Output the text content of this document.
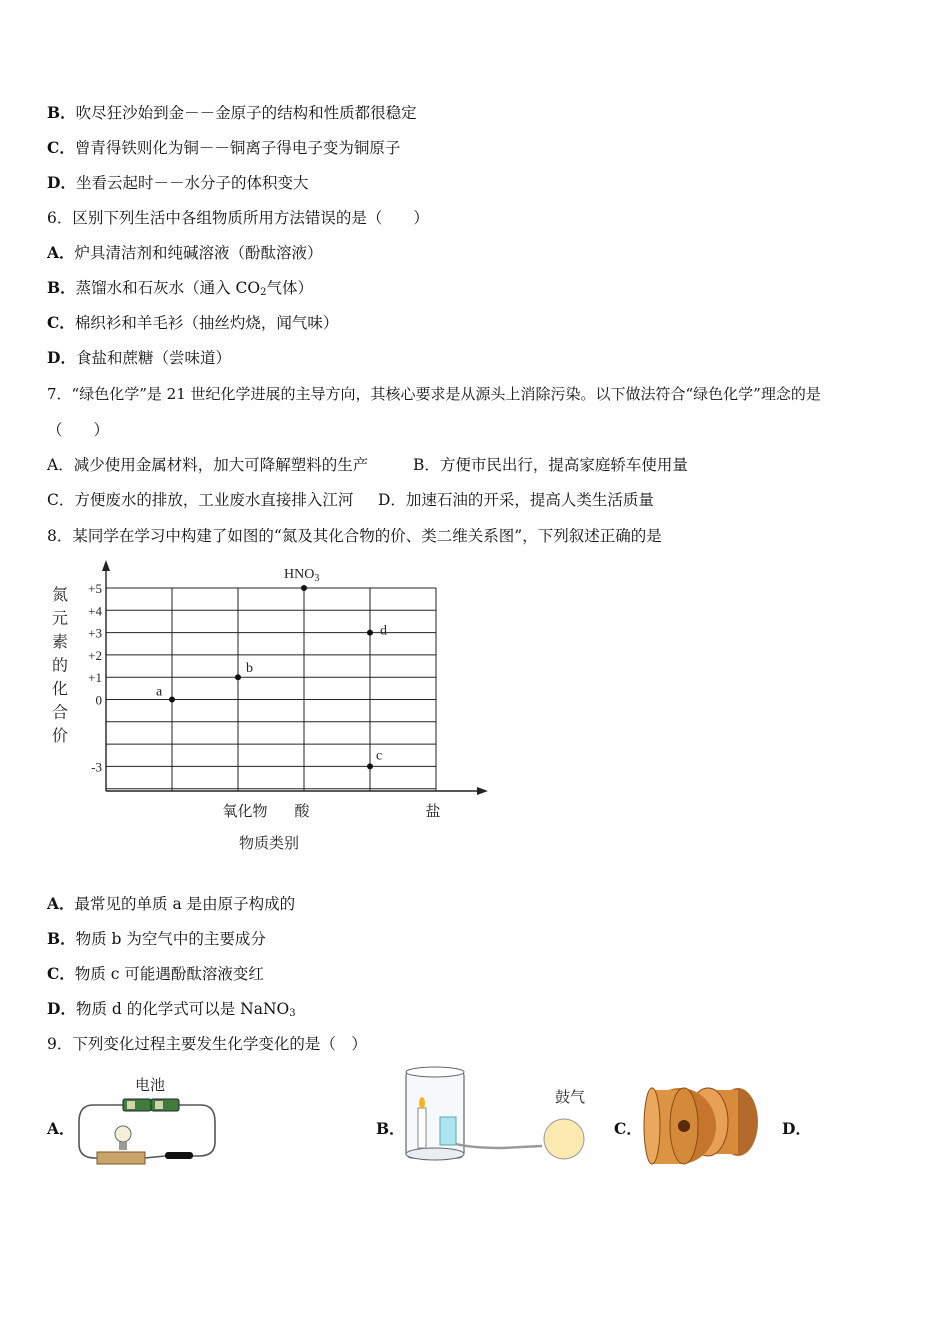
B．吹尽狂沙始到金－－金原子的结构和性质都很稳定
C．曾青得铁则化为铜－－铜离子得电子变为铜原子
D．坐看云起时－－水分子的体积变大
6．区别下列生活中各组物质所用方法错误的是（　　）
A．炉具清洁剂和纯碱溶液（酚酞溶液）
B．蒸馏水和石灰水（通入 $CO_2$气体）
C．棉织衫和羊毛衫（抽丝灼烧，闻气味）
D．食盐和蔗糖（尝味道）
7．“绿色化学”是 21 世纪化学进展的主导方向，其核心要求是从源头上消除污染。以下做法符合“绿色化学”理念的是
（　　）
A．减少使用金属材料，加大可降解塑料的生产	B．方便市民出行，提高家庭轿车使用量
C．方便废水的排放，工业废水直接排入江河 D．加速石油的开采，提高人类生活质量
8．某同学在学习中构建了如图的“氮及其化合物的价、类二维关系图”，下列叙述正确的是
+5
+4
+3
+2
+1
0
-3
氧化物 酸	盐
a
b
$HNO_3$
c
d
氮
元
素
的
化
合
价
物质类别
A．最常见的单质 a 是由原子构成的
B．物质 b 为空气中的主要成分
C．物质 c 可能遇酚酞溶液变红
D．物质 d 的化学式可以是 NaNO$_3$
9．下列变化过程主要发生化学变化的是（　）
A．	B．	C．	D．
电池
鼓气
